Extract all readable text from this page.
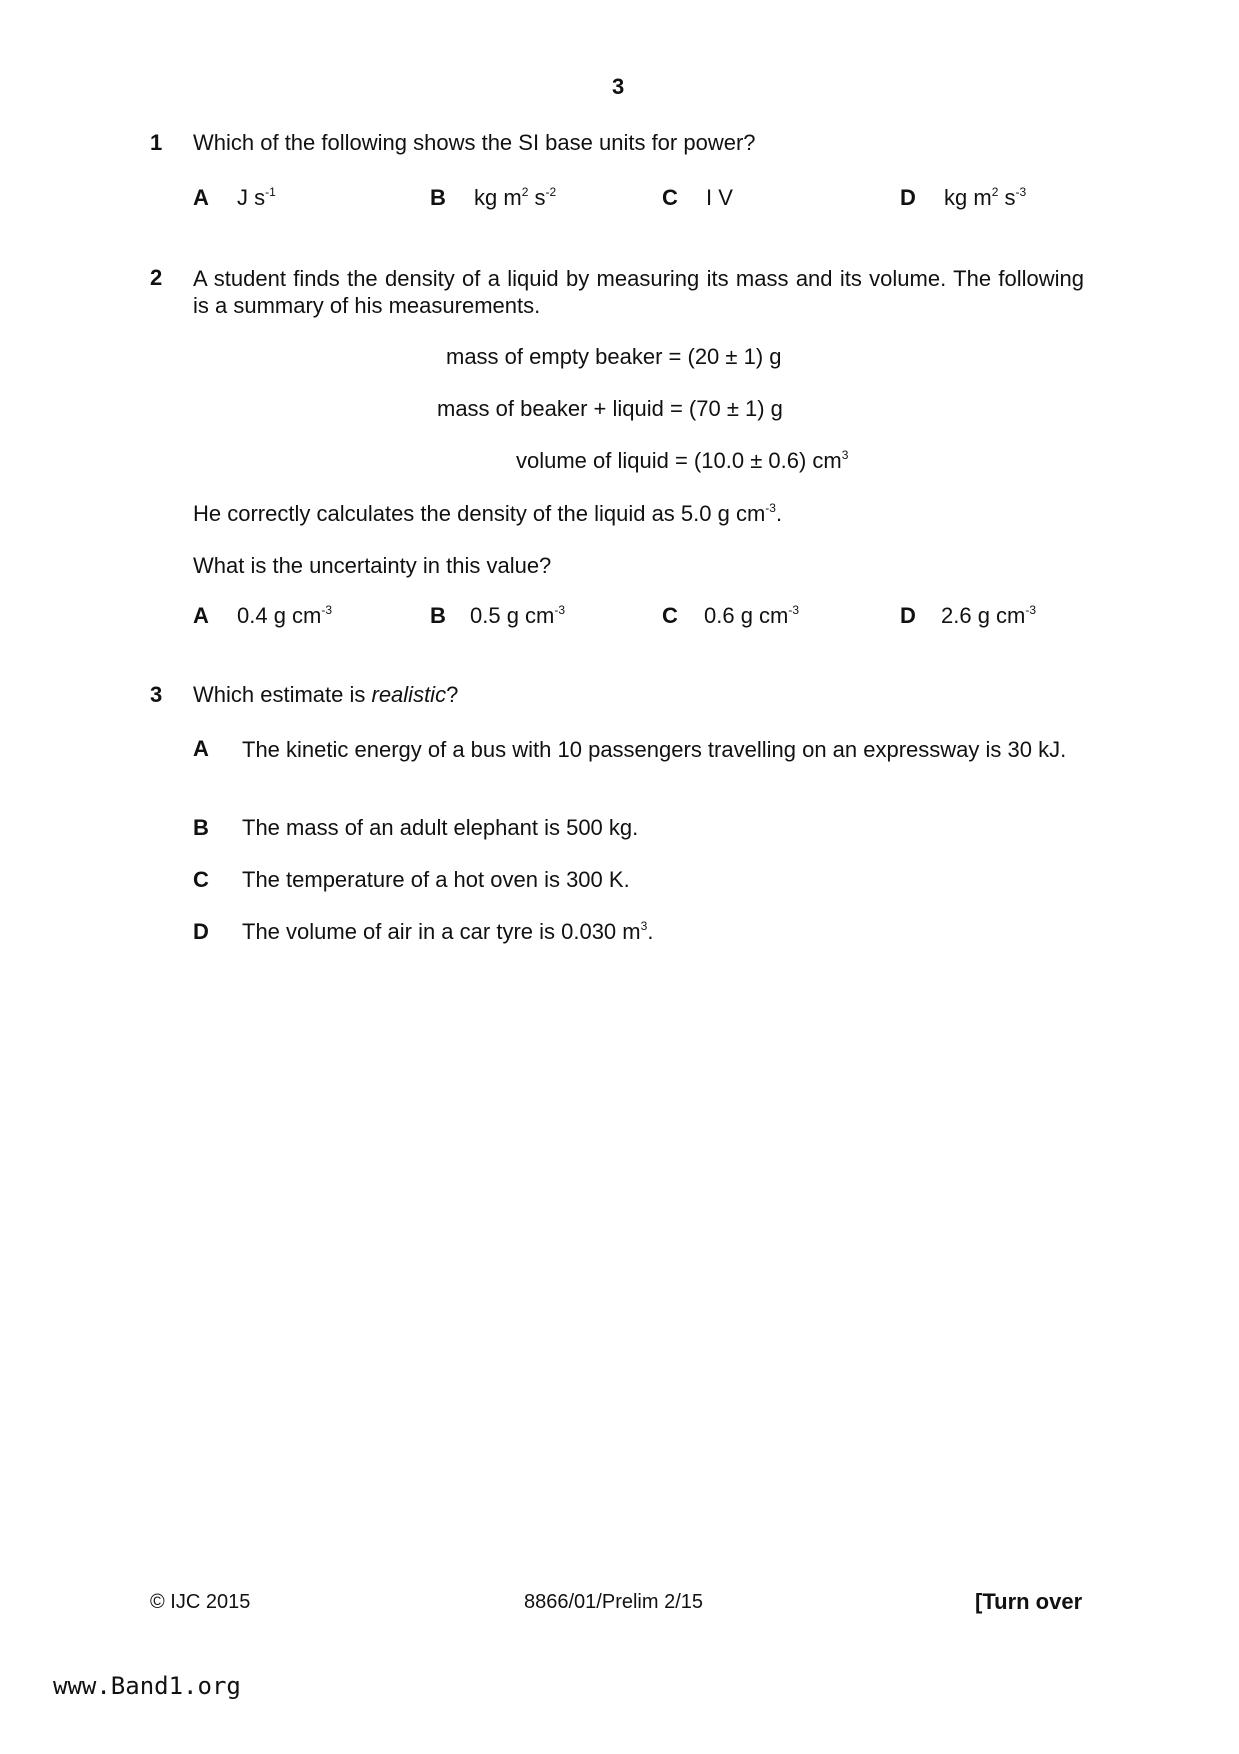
3
1 Which of the following shows the SI base units for power?
A J $s^{-1}$	B kg $m^2$ $s^{-2}$	C I V	D kg $m^2$ $s^{-3}$
2 A student finds the density of a liquid by measuring its mass and its volume. The following is a summary of his measurements.
mass of empty beaker = (20 ± 1) g
mass of beaker + liquid = (70 ± 1) g
volume of liquid = (10.0 ± 0.6) $cm^3$
He correctly calculates the density of the liquid as 5.0 g $cm^{-3}$.
What is the uncertainty in this value?
A 0.4 g $cm^{-3}$	B 0.5 g $cm^{-3}$	C 0.6 g $cm^{-3}$	D 2.6 g $cm^{-3}$
3 Which estimate is realistic?
A The kinetic energy of a bus with 10 passengers travelling on an expressway is 30 kJ.
B The mass of an adult elephant is 500 kg.
C The temperature of a hot oven is 300 K.
D The volume of air in a car tyre is 0.030 $m^3$.
© IJC 2015	8866/01/Prelim 2/15	[Turn over
www.Band1.org
